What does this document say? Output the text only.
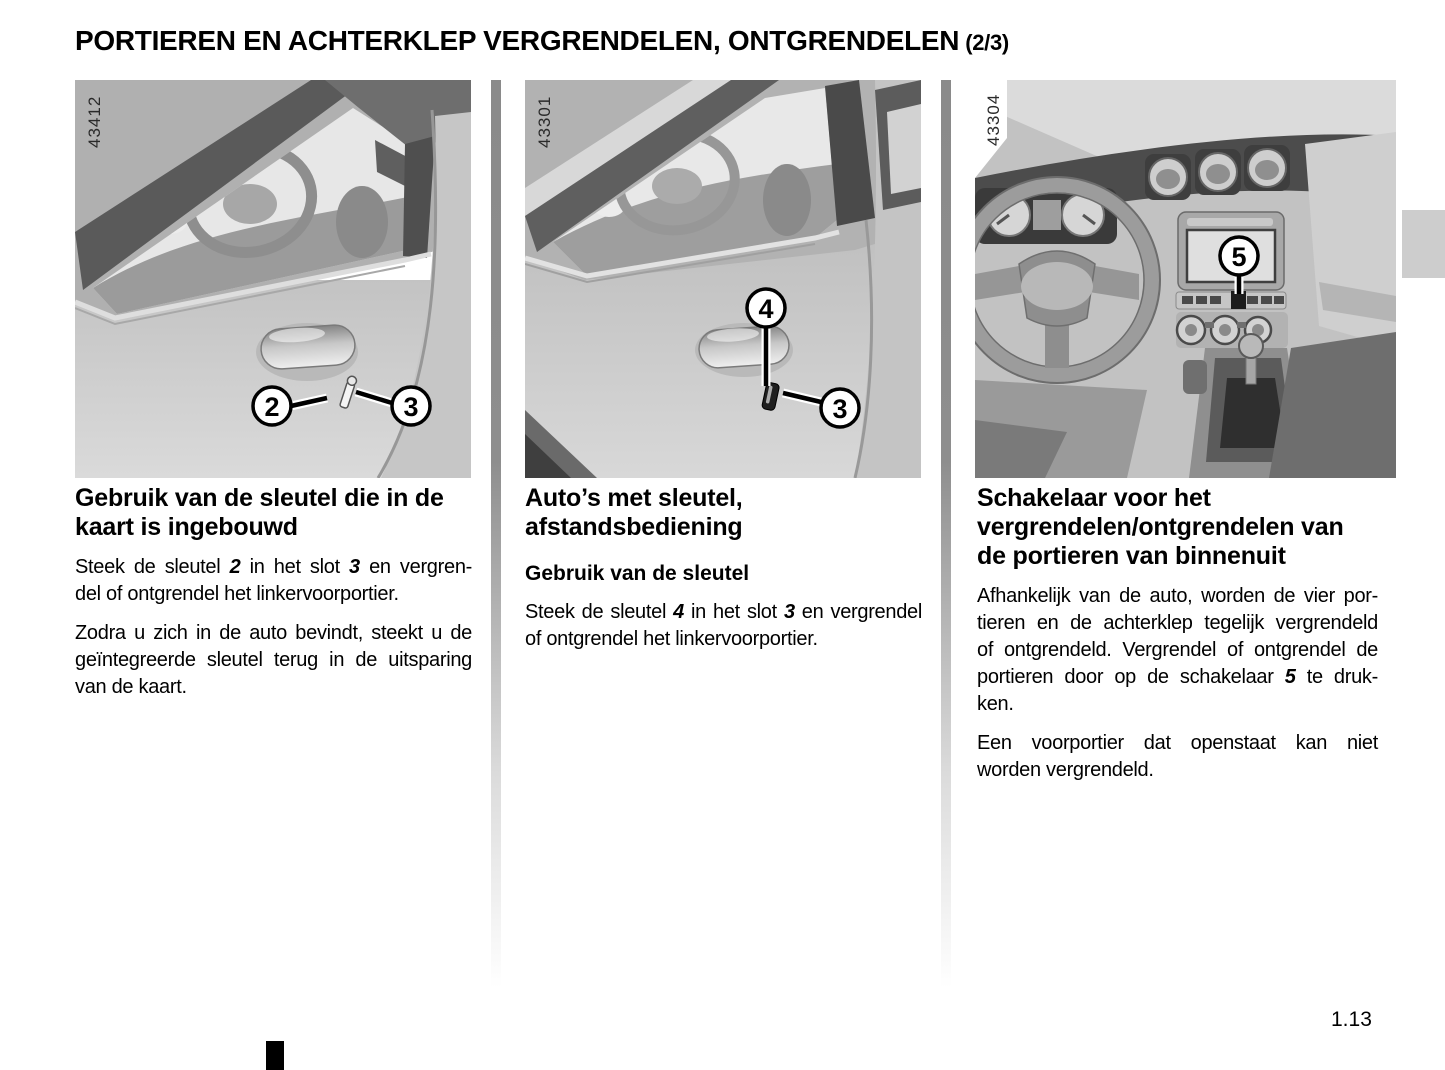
PORTIEREN EN ACHTERKLEP VERGRENDELEN, ONTGRENDELEN (2/3)
2	3
43412
4
3
43301
5
43304
Gebruik van de sleutel die in de
kaart is ingebouwd
Steek de sleutel 2 in het slot 3 en vergren-
del of ontgrendel het linkervoorportier.
Zodra u zich in de auto bevindt, steekt u de
geïntegreerde sleutel terug in de uitsparing
van de kaart.
Auto’s met sleutel,
afstandsbediening
Gebruik van de sleutel
Steek de sleutel 4 in het slot 3 en vergrendel
of ontgrendel het linkervoorportier.
Schakelaar voor het
vergrendelen/ontgrendelen van
de portieren van binnenuit
Afhankelijk van de auto, worden de vier por-
tieren en de achterklep tegelijk vergrendeld
of ontgrendeld. Vergrendel of ontgrendel de
portieren door op de schakelaar 5 te druk-
ken.
Een voorportier dat openstaat kan niet
worden vergrendeld.
1.13
